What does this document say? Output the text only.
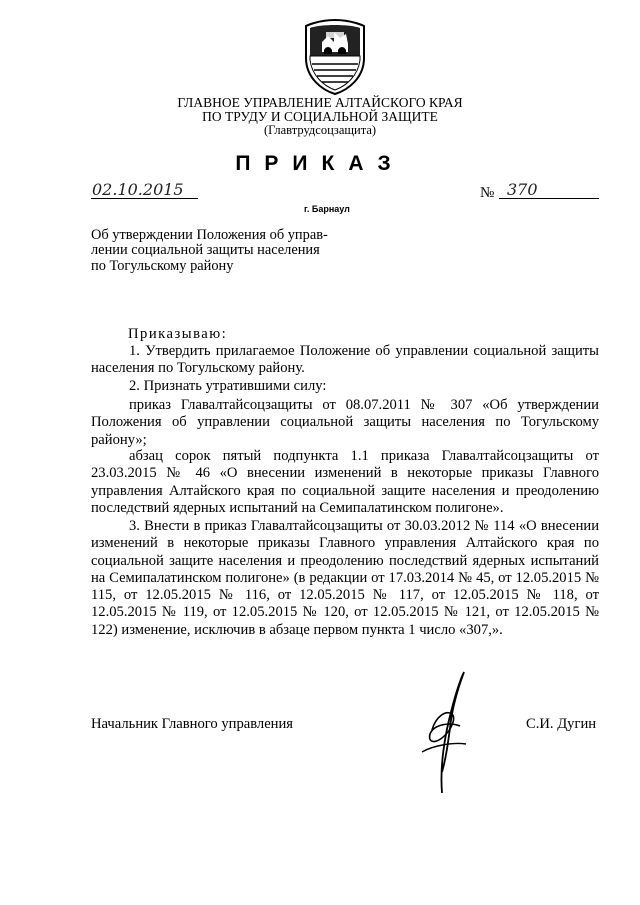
ГЛАВНОЕ УПРАВЛЕНИЕ АЛТАЙСКОГО КРАЯ
ПО ТРУДУ И СОЦИАЛЬНОЙ ЗАЩИТЕ
(Главтрудсоцзащита)
ПРИКАЗ
02.10.2015	№ 370
г. Барнаул
Об утверждении Положения об управ-
лении социальной защиты населения
по Тогульскому району
Приказываю:
1. Утвердить прилагаемое Положение об управлении социальной защиты населения по Тогульскому району.
2. Признать утратившими силу:
приказ Главалтайсоцзащиты от 08.07.2011 № 307 «Об утверждении Положения об управлении социальной защиты населения по Тогульскому району»;
абзац сорок пятый подпункта 1.1 приказа Главалтайсоцзащиты от 23.03.2015 № 46 «О внесении изменений в некоторые приказы Главного управления Алтайского края по социальной защите населения и преодолению последствий ядерных испытаний на Семипалатинском полигоне».
3. Внести в приказ Главалтайсоцзащиты от 30.03.2012 № 114 «О внесении изменений в некоторые приказы Главного управления Алтайского края по социальной защите населения и преодолению последствий ядерных испытаний на Семипалатинском полигоне» (в редакции от 17.03.2014 № 45, от 12.05.2015 № 115, от 12.05.2015 № 116, от 12.05.2015 № 117, от 12.05.2015 № 118, от 12.05.2015 № 119, от 12.05.2015 № 120, от 12.05.2015 № 121, от 12.05.2015 № 122) изменение, исключив в абзаце первом пункта 1 число «307,».
Начальник Главного управления	С.И. Дугин
